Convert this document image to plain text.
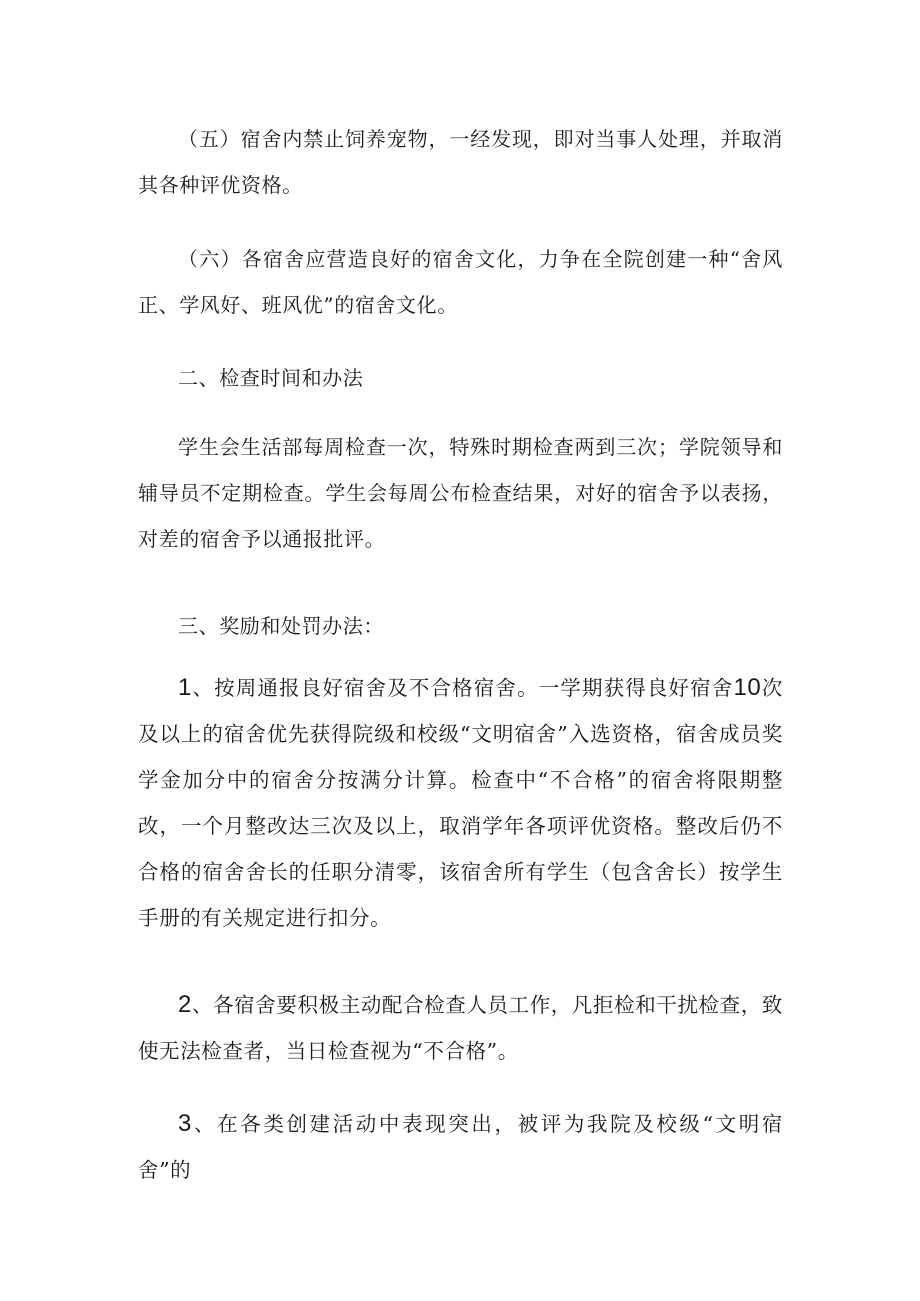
（五）宿舍内禁止饲养宠物，一经发现，即对当事人处理，并取消其各种评优资格。

（六）各宿舍应营造良好的宿舍文化，力争在全院创建一种“舍风正、学风好、班风优”的宿舍文化。

二、检查时间和办法

学生会生活部每周检查一次，特殊时期检查两到三次；学院领导和辅导员不定期检查。学生会每周公布检查结果，对好的宿舍予以表扬，对差的宿舍予以通报批评。

三、奖励和处罚办法：

1、按周通报良好宿舍及不合格宿舍。一学期获得良好宿舍10次及以上的宿舍优先获得院级和校级“文明宿舍”入选资格，宿舍成员奖学金加分中的宿舍分按满分计算。检查中“不合格”的宿舍将限期整改，一个月整改达三次及以上，取消学年各项评优资格。整改后仍不合格的宿舍舍长的任职分清零，该宿舍所有学生（包含舍长）按学生手册的有关规定进行扣分。

2、各宿舍要积极主动配合检查人员工作，凡拒检和干扰检查，致使无法检查者，当日检查视为“不合格”。

3、在各类创建活动中表现突出，被评为我院及校级“文明宿舍”的
